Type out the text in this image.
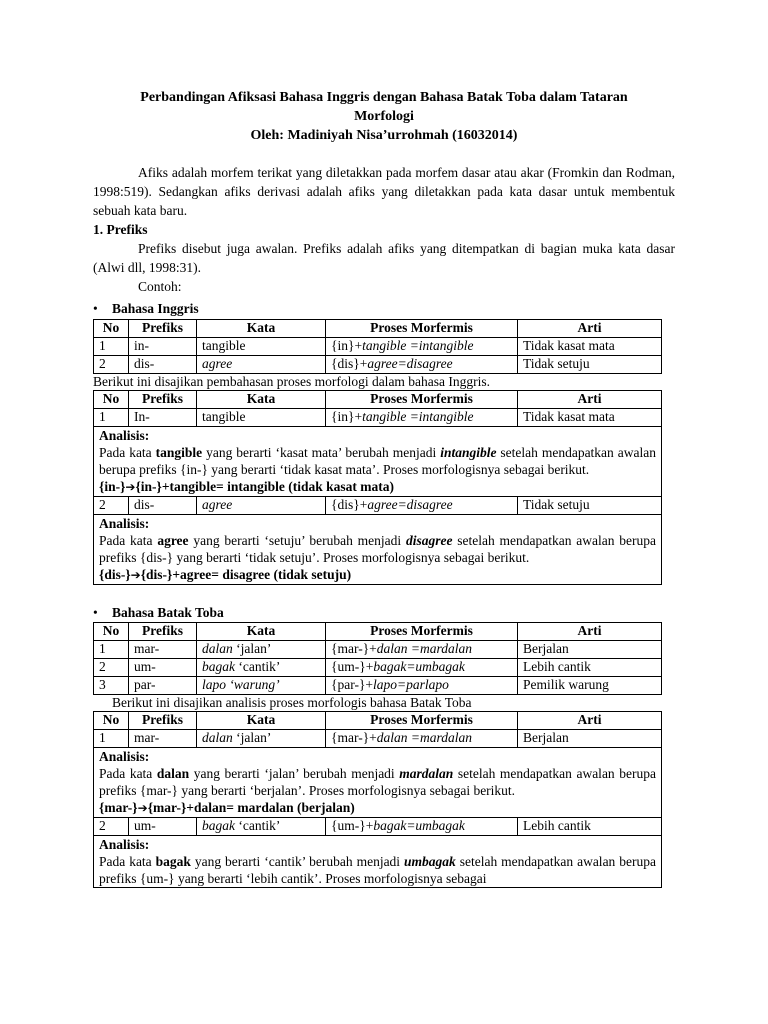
Perbandingan Afiksasi Bahasa Inggris dengan Bahasa Batak Toba dalam Tataran
Morfologi
Oleh: Madiniyah Nisa’urrohmah (16032014)
Afiks adalah morfem terikat yang diletakkan pada morfem dasar atau akar (Fromkin dan Rodman, 1998:519). Sedangkan afiks derivasi adalah afiks yang diletakkan pada kata dasar untuk membentuk sebuah kata baru.
1. Prefiks
Prefiks disebut juga awalan. Prefiks adalah afiks yang ditempatkan di bagian muka kata dasar (Alwi dll, 1998:31).
Contoh:
• Bahasa Inggris
No	Prefiks	Kata	Proses Morfermis	Arti
1	in-	tangible	{in}+tangible =intangible	Tidak kasat mata
2	dis-	agree	{dis}+agree=disagree	Tidak setuju
Berikut ini disajikan pembahasan proses morfologi dalam bahasa Inggris.
No	Prefiks	Kata	Proses Morfermis	Arti
1	In-	tangible	{in}+tangible =intangible	Tidak kasat mata

Analisis:
Pada kata tangible yang berarti ‘kasat mata’ berubah menjadi intangible setelah mendapatkan awalan berupa prefiks {in-} yang berarti ‘tidak kasat mata’. Proses morfologisnya sebagai berikut.
{in-}➔{in-}+tangible= intangible (tidak kasat mata)				

2	dis-	agree	{dis}+agree=disagree	Tidak setuju

Analisis:
Pada kata agree yang berarti ‘setuju’ berubah menjadi disagree setelah mendapatkan awalan berupa prefiks {dis-} yang berarti ‘tidak setuju’. Proses morfologisnya sebagai berikut.
{dis-}➔{dis-}+agree= disagree (tidak setuju)				
• Bahasa Batak Toba
No	Prefiks	Kata	Proses Morfermis	Arti
1	mar-	dalan ‘jalan’	{mar-}+dalan =mardalan	Berjalan
2	um-	bagak ‘cantik’	{um-}+bagak=umbagak	Lebih cantik
3	par-	lapo ‘warung’	{par-}+lapo=parlapo	Pemilik warung
Berikut ini disajikan analisis proses morfologis bahasa Batak Toba
No	Prefiks	Kata	Proses Morfermis	Arti
1	mar-	dalan ‘jalan’	{mar-}+dalan =mardalan	Berjalan

Analisis:
Pada kata dalan yang berarti ‘jalan’ berubah menjadi mardalan setelah mendapatkan awalan berupa prefiks {mar-} yang berarti ‘berjalan’. Proses morfologisnya sebagai berikut.
{mar-}➔{mar-}+dalan= mardalan (berjalan)				

2	um-	bagak ‘cantik’	{um-}+bagak=umbagak	Lebih cantik

Analisis:
Pada kata bagak yang berarti ‘cantik’ berubah menjadi umbagak setelah mendapatkan awalan berupa prefiks {um-} yang berarti ‘lebih cantik’. Proses morfologisnya sebagai				
